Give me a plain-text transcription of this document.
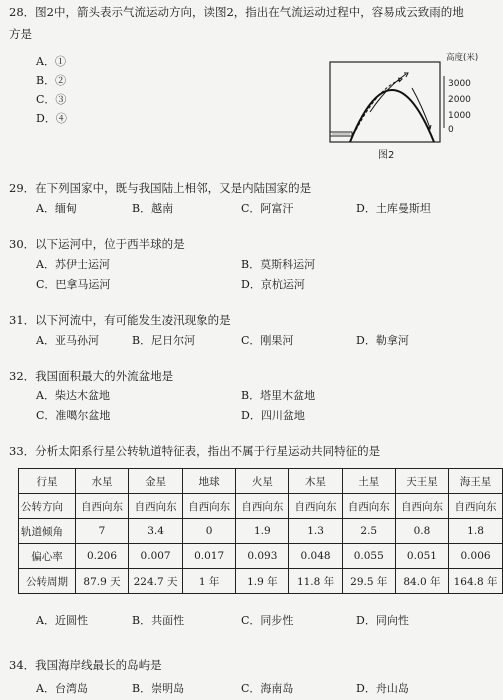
28．图2中，箭头表示气流运动方向，读图2，指出在气流运动过程中，容易成云致雨的地
方是
A．①
B．②
C．③
D．④
高度(米)
3000
2000
1000
0
图2
29．在下列国家中，既与我国陆上相邻，又是内陆国家的是
A．缅甸	B．越南	C．阿富汗	D．土库曼斯坦
30．以下运河中，位于西半球的是
A．苏伊士运河	B．莫斯科运河
C．巴拿马运河	D．京杭运河
31．以下河流中，有可能发生凌汛现象的是
A．亚马孙河	B．尼日尔河	C．刚果河	D．勒拿河
32．我国面积最大的外流盆地是
A．柴达木盆地	B．塔里木盆地
C．准噶尔盆地	D．四川盆地
33．分析太阳系行星公转轨道特征表，指出不属于行星运动共同特征的是
行星	水星	金星	地球	火星	木星	土星	天王星	海王星
公转方向	自西向东	自西向东	自西向东	自西向东	自西向东	自西向东	自西向东	自西向东
轨道倾角	7	3.4	0	1.9	1.3	2.5	0.8	1.8
偏心率	0.206	0.007	0.017	0.093	0.048	0.055	0.051	0.006
公转周期	87.9 天	224.7 天	1 年	1.9 年	11.8 年	29.5 年	84.0 年	164.8 年
A．近圆性	B．共面性	C．同步性	D．同向性
34．我国海岸线最长的岛屿是
A．台湾岛	B．崇明岛	C．海南岛	D．舟山岛
